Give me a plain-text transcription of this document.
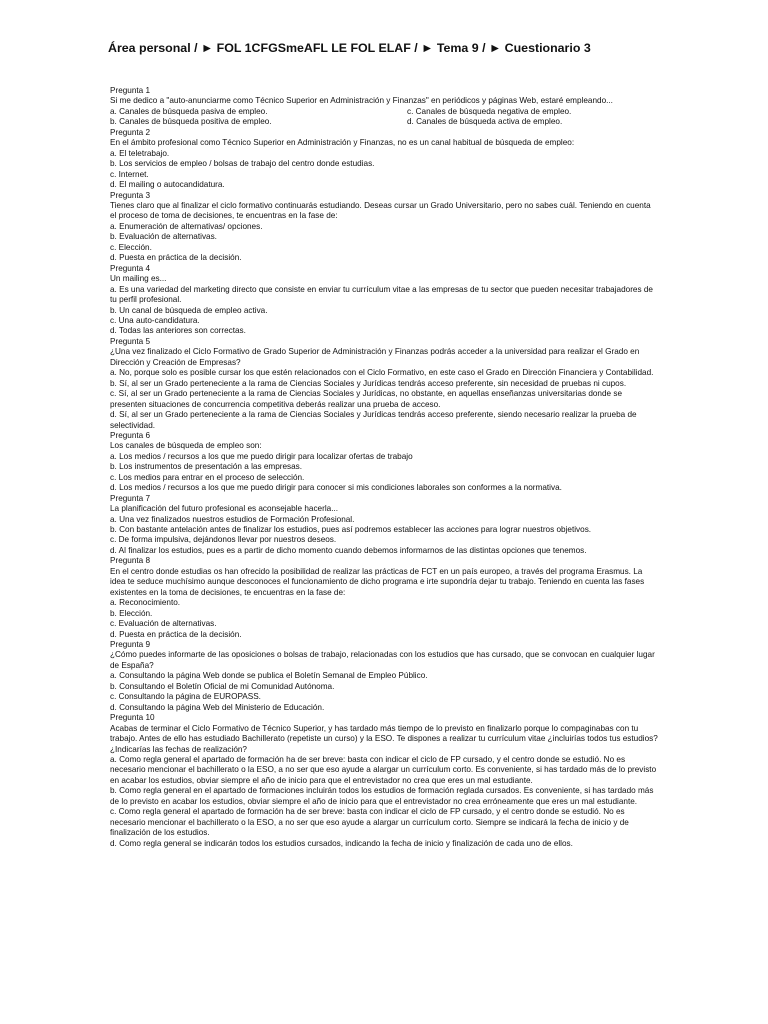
Área personal / ► FOL 1CFGSmeAFL LE FOL ELAF / ► Tema 9 / ► Cuestionario 3
Pregunta 1
Si me dedico a "auto-anunciarme como Técnico Superior en Administración y Finanzas" en periódicos y páginas Web, estaré empleando...
a. Canales de búsqueda pasiva de empleo.	c. Canales de búsqueda negativa de empleo.
b. Canales de búsqueda positiva de empleo.	d. Canales de búsqueda activa de empleo.
Pregunta 2
En el ámbito profesional como Técnico Superior en Administración y Finanzas, no es un canal habitual de búsqueda de empleo:
a. El teletrabajo.
b. Los servicios de empleo / bolsas de trabajo del centro donde estudias.
c. Internet.
d. El mailing o autocandidatura.
Pregunta 3
Tienes claro que al finalizar el ciclo formativo continuarás estudiando. Deseas cursar un Grado Universitario, pero no sabes cuál. Teniendo en cuenta el proceso de toma de decisiones, te encuentras en la fase de:
a. Enumeración de alternativas/ opciones.
b. Evaluación de alternativas.
c. Elección.
d. Puesta en práctica de la decisión.
Pregunta 4
Un mailing es...
a. Es una variedad del marketing directo que consiste en enviar tu currículum vitae a las empresas de tu sector que pueden necesitar trabajadores de tu perfil profesional.
b. Un canal de búsqueda de empleo activa.
c. Una auto-candidatura.
d. Todas las anteriores son correctas.
Pregunta 5
¿Una vez finalizado el Ciclo Formativo de Grado Superior de Administración y Finanzas podrás acceder a la universidad para realizar el Grado en Dirección y Creación de Empresas?
a. No, porque solo es posible cursar los que estén relacionados con el Ciclo Formativo, en este caso el Grado en Dirección Financiera y Contabilidad.
b. Sí, al ser un Grado perteneciente a la rama de Ciencias Sociales y Jurídicas tendrás acceso preferente, sin necesidad de pruebas ni cupos.
c. Sí, al ser un Grado perteneciente a la rama de Ciencias Sociales y Jurídicas, no obstante, en aquellas enseñanzas universitarias donde se presenten situaciones de concurrencia competitiva deberás realizar una prueba de acceso.
d. Sí, al ser un Grado perteneciente a la rama de Ciencias Sociales y Jurídicas tendrás acceso preferente, siendo necesario realizar la prueba de selectividad.
Pregunta 6
Los canales de búsqueda de empleo son:
a. Los medios / recursos a los que me puedo dirigir para localizar ofertas de trabajo
b. Los instrumentos de presentación a las empresas.
c. Los medios para entrar en el proceso de selección.
d. Los medios / recursos a los que me puedo dirigir para conocer si mis condiciones laborales son conformes a la normativa.
Pregunta 7
La planificación del futuro profesional es aconsejable hacerla...
a. Una vez finalizados nuestros estudios de Formación Profesional.
b. Con bastante antelación antes de finalizar los estudios, pues así podremos establecer las acciones para lograr nuestros objetivos.
c. De forma impulsiva, dejándonos llevar por nuestros deseos.
d. Al finalizar los estudios, pues es a partir de dicho momento cuando debemos informarnos de las distintas opciones que tenemos.
Pregunta 8
En el centro donde estudias os han ofrecido la posibilidad de realizar las prácticas de FCT en un país europeo, a través del programa Erasmus. La idea te seduce muchísimo aunque desconoces el funcionamiento de dicho programa e irte supondría dejar tu trabajo. Teniendo en cuenta las fases existentes en la toma de decisiones, te encuentras en la fase de:
a. Reconocimiento.
b. Elección.
c. Evaluación de alternativas.
d. Puesta en práctica de la decisión.
Pregunta 9
¿Cómo puedes informarte de las oposiciones o bolsas de trabajo, relacionadas con los estudios que has cursado, que se convocan en cualquier lugar de España?
a. Consultando la página Web donde se publica el Boletín Semanal de Empleo Público.
b. Consultando el Boletín Oficial de mi Comunidad Autónoma.
c. Consultando la página de EUROPASS.
d. Consultando la página Web del Ministerio de Educación.
Pregunta 10
Acabas de terminar el Ciclo Formativo de Técnico Superior, y has tardado más tiempo de lo previsto en finalizarlo porque lo compaginabas con tu trabajo. Antes de ello has estudiado Bachillerato (repetiste un curso) y la ESO. Te dispones a realizar tu currículum vitae ¿incluirías todos tus estudios? ¿Indicarías las fechas de realización?
a. Como regla general el apartado de formación ha de ser breve: basta con indicar el ciclo de FP cursado, y el centro donde se estudió. No es necesario mencionar el bachillerato o la ESO, a no ser que eso ayude a alargar un currículum corto. Es conveniente, si has tardado más de lo previsto en acabar los estudios, obviar siempre el año de inicio para que el entrevistador no crea que eres un mal estudiante.
b. Como regla general en el apartado de formaciones incluirán todos los estudios de formación reglada cursados. Es conveniente, si has tardado más de lo previsto en acabar los estudios, obviar siempre el año de inicio para que el entrevistador no crea erróneamente que eres un mal estudiante.
c. Como regla general el apartado de formación ha de ser breve: basta con indicar el ciclo de FP cursado, y el centro donde se estudió. No es necesario mencionar el bachillerato o la ESO, a no ser que eso ayude a alargar un currículum corto. Siempre se indicará la fecha de inicio y de finalización de los estudios.
d. Como regla general se indicarán todos los estudios cursados, indicando la fecha de inicio y finalización de cada uno de ellos.
